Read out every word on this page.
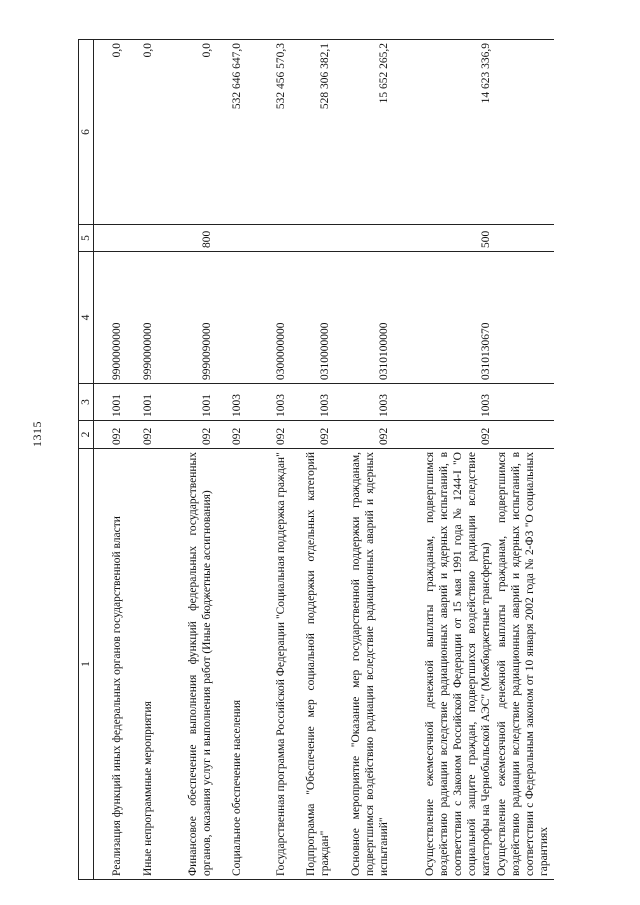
1315
1	2	3	4	5	6
Реализация функций иных федеральных органов государственной власти	092	1001	9900000000		0,0
Иные непрограммные мероприятия	092	1001	9990000000		0,0
Финансовое обеспечение выполнения функций федеральных государственных органов, оказания услуг и выполнения работ (Иные бюджетные ассигнования)	092	1001	9990090000	800	0,0
Социальное обеспечение населения	092	1003			532 646 647,0
Государственная программа Российской Федерации "Социальная поддержка граждан"	092	1003	0300000000		532 456 570,3
Подпрограмма "Обеспечение мер социальной поддержки отдельных категорий граждан"	092	1003	0310000000		528 306 382,1
Основное мероприятие "Оказание мер государственной поддержки гражданам, подвергшимся воздействию радиации вследствие радиационных аварий и ядерных испытаний"	092	1003	0310100000		15 652 265,2
Осуществление ежемесячной денежной выплаты гражданам, подвергшимся воздействию радиации вследствие радиационных аварий и ядерных испытаний, в соответствии с Законом Российской Федерации от 15 мая 1991 года № 1244-I "О социальной защите граждан, подвергшихся воздействию радиации вследствие катастрофы на Чернобыльской АЭС" (Межбюджетные трансферты)	092	1003	0310130670	500	14 623 336,9
Осуществление ежемесячной денежной выплаты гражданам, подвергшимся воздействию радиации вследствие радиационных аварий и ядерных испытаний, в соответствии с Федеральным законом от 10 января 2002 года № 2-ФЗ "О социальных гарантиях					
